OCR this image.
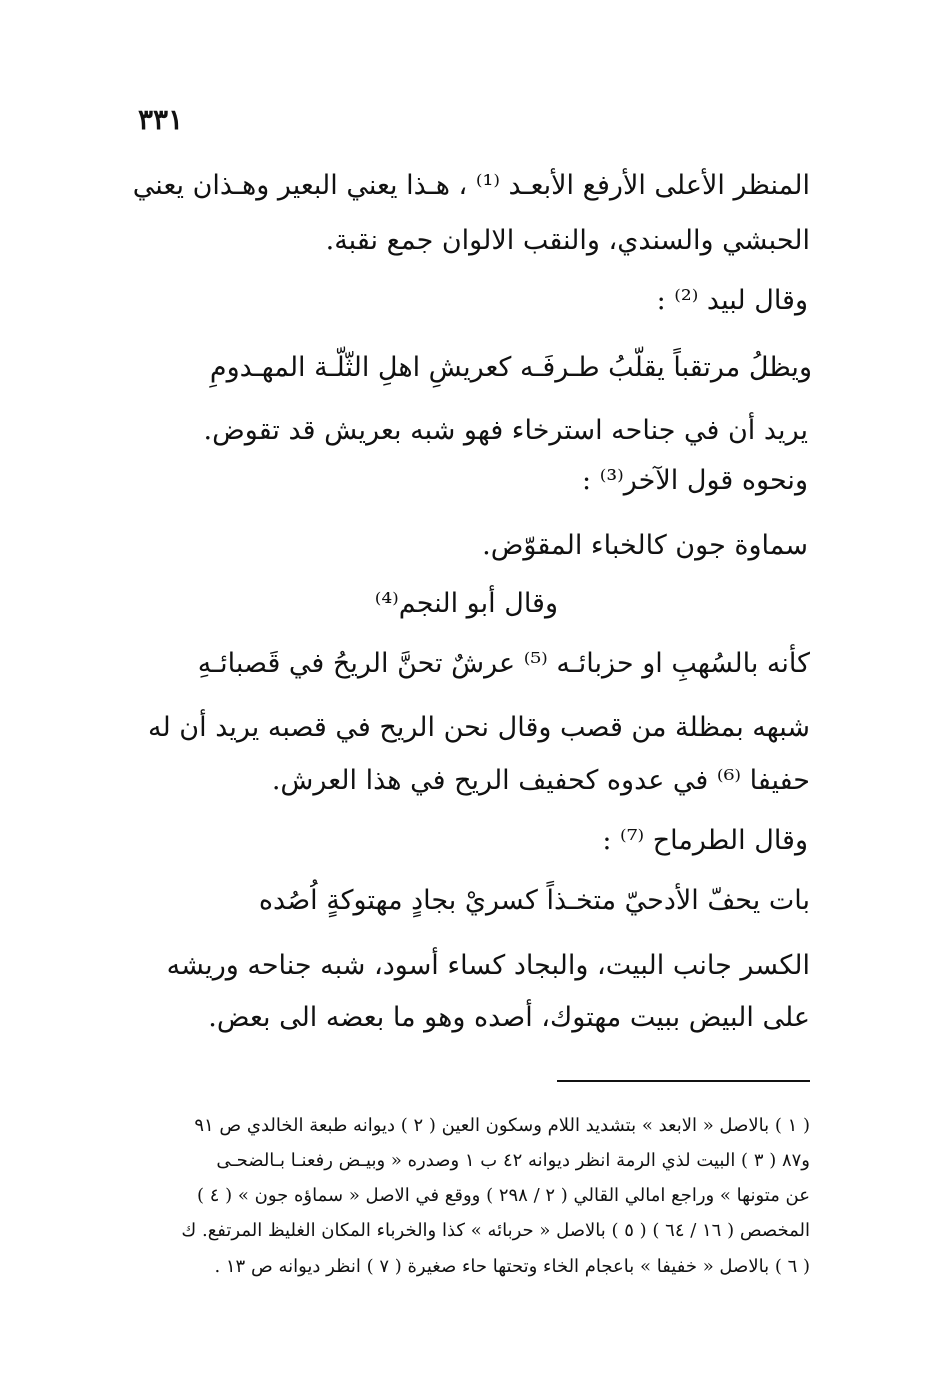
٣٣١

المنظر الأعلى الأرفع الأبعـد ⁽¹⁾ ، هـذا يعني البعير وهـذان يعني

الحبشي والسندي، والنقب الالوان جمع نقبة.

وقال لبيد ⁽²⁾ :

ويظلُ مرتقباً يقلّبُ طـرفَـه كعريشِ اهلِ الثّلّـة المهـدومِ

يريد أن في جناحه استرخاء فهو شبه بعريش قد تقوض.

ونحوه قول الآخر⁽³⁾ :

سماوة جون كالخباء المقوّض.

وقال أبو النجم⁽⁴⁾

كأنه بالسُهبِ او حزبائـه ⁽⁵⁾ عرشٌ تحنَّ الريحُ في قَصبائـهِ

شبهه بمظلة من قصب وقال نحن الريح في قصبه يريد أن له

حفيفا ⁽⁶⁾ في عدوه كحفيف الريح في هذا العرش.

وقال الطرماح ⁽⁷⁾ :

بات يحفّ الأدحيّ متخـذاً كسريْ بجادٍ مهتوكةٍ اُصُده

الكسر جانب البيت، والبجاد كساء أسود، شبه جناحه وريشه

على البيض ببيت مهتوك، أصده وهو ما بعضه الى بعض.

( ١ ) بالاصل « الابعد » بتشديد اللام وسكون العين ( ٢ ) ديوانه طبعة الخالدي ص ٩١

و٨٧ ( ٣ ) البيت لذي الرمة انظر ديوانه ٤٢ ب ١ وصدره « وبيـض رفعنـا بـالضحـى

عن متونها » وراجع امالي القالي ( ٢ / ٢٩٨ ) ووقع في الاصل « سماؤه جون » ( ٤ )

المخصص ( ١٦ / ٦٤ ) ( ٥ ) بالاصل « حربائه » كذا والخرباء المكان الغليظ المرتفع. ك

( ٦ ) بالاصل « خفيفا » باعجام الخاء وتحتها حاء صغيرة ( ٧ ) انظر ديوانه ص ١٣ .
